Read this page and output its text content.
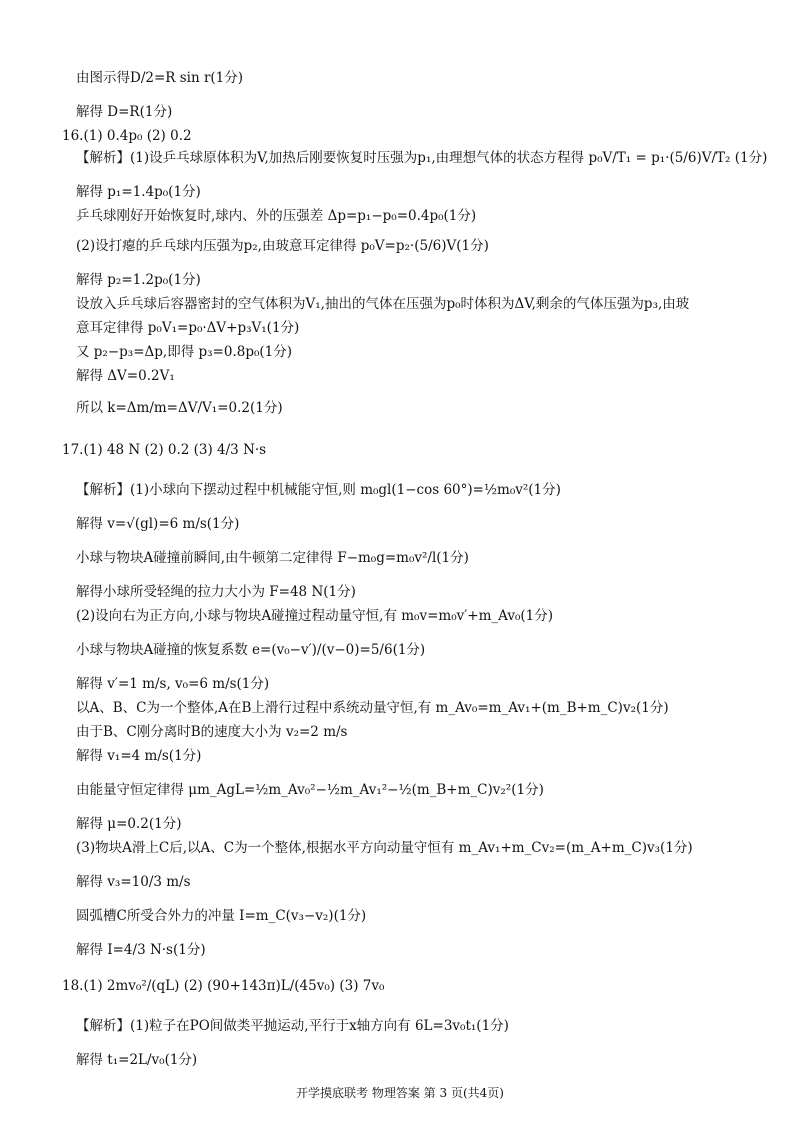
由图示得D/2=R sin r(1分)
解得 D=R(1分)
16.(1) 0.4p₀ (2) 0.2
【解析】(1)设乒乓球原体积为V,加热后刚要恢复时压强为p₁,由理想气体的状态方程得 p₀V/T₁ = p₁·(5/6)V/T₂ (1分)
解得 p₁=1.4p₀(1分)
乒乓球刚好开始恢复时,球内、外的压强差 Δp=p₁−p₀=0.4p₀(1分)
(2)设打瘪的乒乓球内压强为p₂,由玻意耳定律得 p₀V=p₂·(5/6)V(1分)
解得 p₂=1.2p₀(1分)
设放入乒乓球后容器密封的空气体积为V₁,抽出的气体在压强为p₀时体积为ΔV,剩余的气体压强为p₃,由玻
意耳定律得 p₀V₁=p₀·ΔV+p₃V₁(1分)
又 p₂−p₃=Δp,即得 p₃=0.8p₀(1分)
解得 ΔV=0.2V₁
所以 k=Δm/m=ΔV/V₁=0.2(1分)
17.(1) 48 N (2) 0.2 (3) 4/3 N·s
【解析】(1)小球向下摆动过程中机械能守恒,则 m₀gl(1−cos 60°)=½m₀v²(1分)
解得 v=√(gl)=6 m/s(1分)
小球与物块A碰撞前瞬间,由牛顿第二定律得 F−m₀g=m₀v²/l(1分)
解得小球所受轻绳的拉力大小为 F=48 N(1分)
(2)设向右为正方向,小球与物块A碰撞过程动量守恒,有 m₀v=m₀v′+m_Av₀(1分)
小球与物块A碰撞的恢复系数 e=(v₀−v′)/(v−0)=5/6(1分)
解得 v′=1 m/s, v₀=6 m/s(1分)
以A、B、C为一个整体,A在B上滑行过程中系统动量守恒,有 m_Av₀=m_Av₁+(m_B+m_C)v₂(1分)
由于B、C刚分离时B的速度大小为 v₂=2 m/s
解得 v₁=4 m/s(1分)
由能量守恒定律得 μm_AgL=½m_Av₀²−½m_Av₁²−½(m_B+m_C)v₂²(1分)
解得 μ=0.2(1分)
(3)物块A滑上C后,以A、C为一个整体,根据水平方向动量守恒有 m_Av₁+m_Cv₂=(m_A+m_C)v₃(1分)
解得 v₃=10/3 m/s
圆弧槽C所受合外力的冲量 I=m_C(v₃−v₂)(1分)
解得 I=4/3 N·s(1分)
18.(1) 2mv₀²/(qL) (2) (90+143π)L/(45v₀) (3) 7v₀
【解析】(1)粒子在PO间做类平抛运动,平行于x轴方向有 6L=3v₀t₁(1分)
解得 t₁=2L/v₀(1分)
开学摸底联考 物理答案 第 3 页(共4页)
